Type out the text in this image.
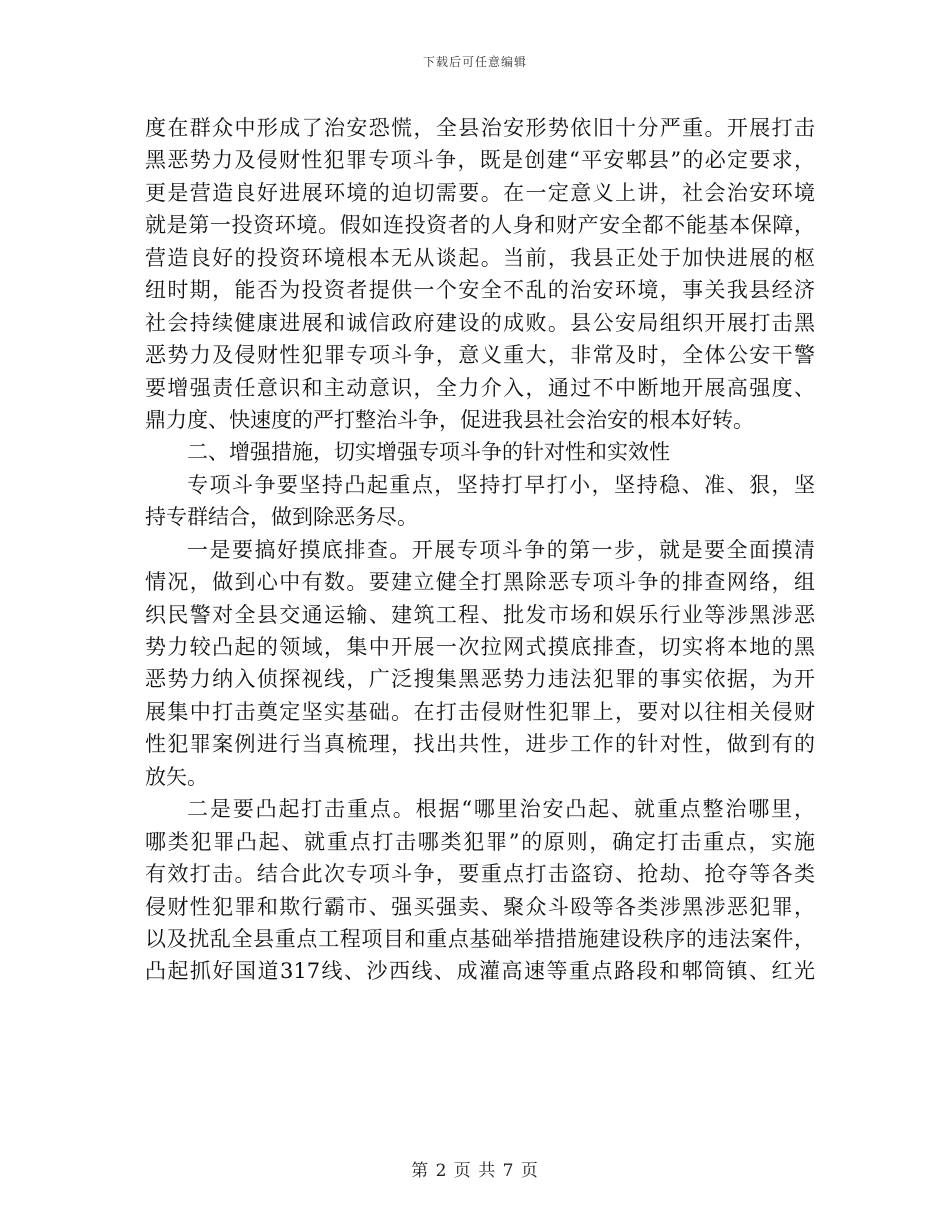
下载后可任意编辑
度在群众中形成了治安恐慌，全县治安形势依旧十分严重。开展打击
黑恶势力及侵财性犯罪专项斗争，既是创建“平安郫县”的必定要求，
更是营造良好进展环境的迫切需要。在一定意义上讲，社会治安环境
就是第一投资环境。假如连投资者的人身和财产安全都不能基本保障，
营造良好的投资环境根本无从谈起。当前，我县正处于加快进展的枢
纽时期，能否为投资者提供一个安全不乱的治安环境，事关我县经济
社会持续健康进展和诚信政府建设的成败。县公安局组织开展打击黑
恶势力及侵财性犯罪专项斗争，意义重大，非常及时，全体公安干警
要增强责任意识和主动意识，全力介入，通过不中断地开展高强度、
鼎力度、快速度的严打整治斗争，促进我县社会治安的根本好转。
二、增强措施，切实增强专项斗争的针对性和实效性
专项斗争要坚持凸起重点，坚持打早打小，坚持稳、准、狠，坚
持专群结合，做到除恶务尽。
一是要搞好摸底排查。开展专项斗争的第一步，就是要全面摸清
情况，做到心中有数。要建立健全打黑除恶专项斗争的排查网络，组
织民警对全县交通运输、建筑工程、批发市场和娱乐行业等涉黑涉恶
势力较凸起的领域，集中开展一次拉网式摸底排查，切实将本地的黑
恶势力纳入侦探视线，广泛搜集黑恶势力违法犯罪的事实依据，为开
展集中打击奠定坚实基础。在打击侵财性犯罪上，要对以往相关侵财
性犯罪案例进行当真梳理，找出共性，进步工作的针对性，做到有的
放矢。
二是要凸起打击重点。根据“哪里治安凸起、就重点整治哪里，
哪类犯罪凸起、就重点打击哪类犯罪”的原则，确定打击重点，实施
有效打击。结合此次专项斗争，要重点打击盗窃、抢劫、抢夺等各类
侵财性犯罪和欺行霸市、强买强卖、聚众斗殴等各类涉黑涉恶犯罪，
以及扰乱全县重点工程项目和重点基础举措措施建设秩序的违法案件，
凸起抓好国道317线、沙西线、成灌高速等重点路段和郫筒镇、红光
第 2 页 共 7 页
